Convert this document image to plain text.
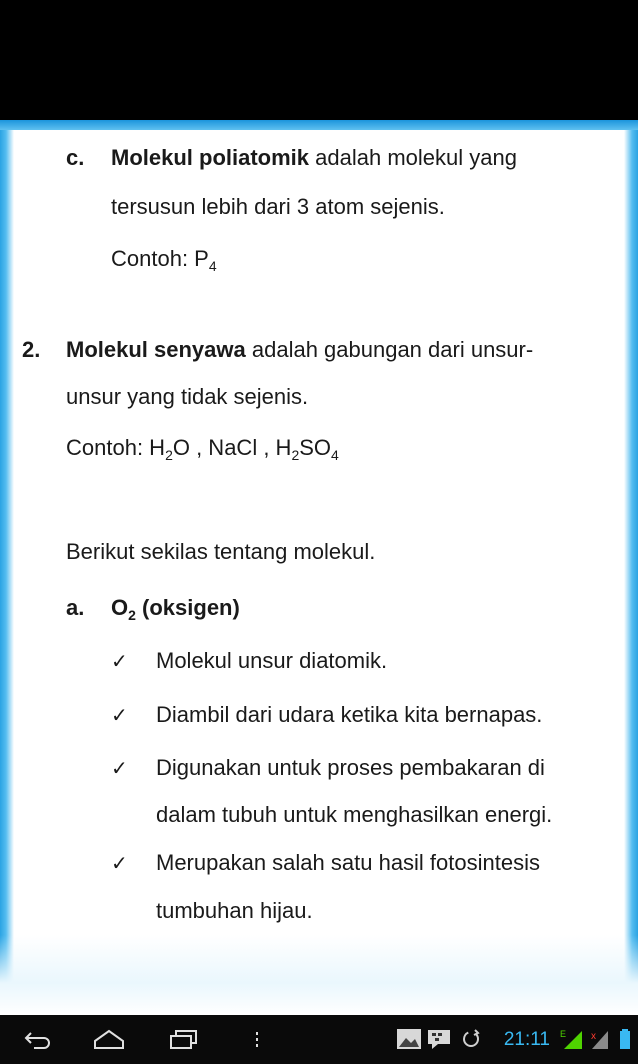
c. Molekul poliatomik adalah molekul yang
tersusun lebih dari 3 atom sejenis.
Contoh: $P_4$
2. Molekul senyawa adalah gabungan dari unsur-
unsur yang tidak sejenis.
Contoh: $H_2O$ , NaCl , $H_2SO_4$
Berikut sekilas tentang molekul.
a. $O_2$ (oksigen)
✓ Molekul unsur diatomik.
✓ Diambil dari udara ketika kita bernapas.
✓ Digunakan untuk proses pembakaran di
dalam tubuh untuk menghasilkan energi.
✓ Merupakan salah satu hasil fotosintesis
tumbuhan hijau.
21:11 E x
